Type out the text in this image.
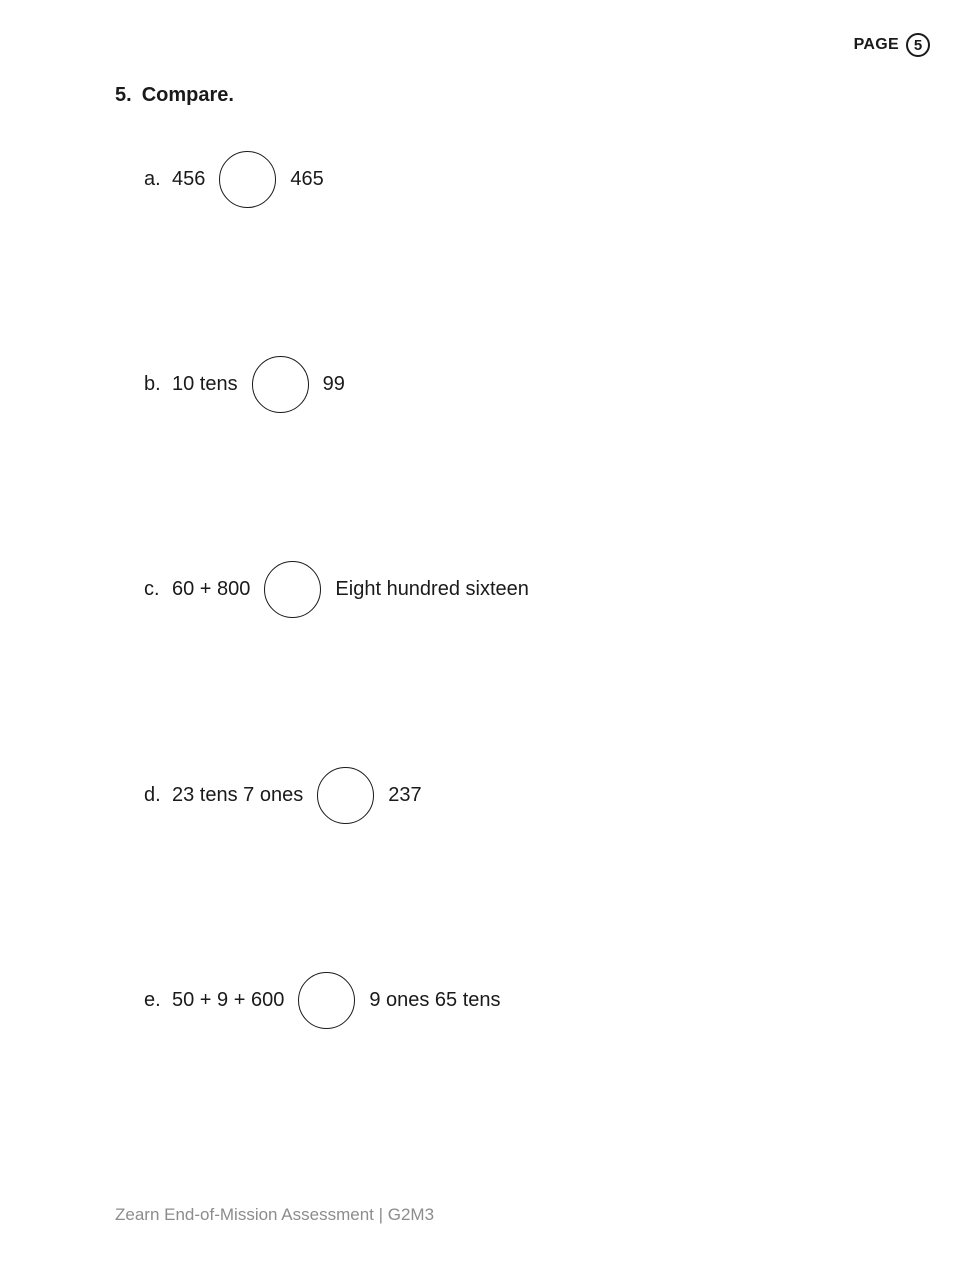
PAGE 5
5. Compare.
a. 456	465
b. 10 tens	99
c. 60 + 800	Eight hundred sixteen
d. 23 tens 7 ones	237
e. 50 + 9 + 600	9 ones 65 tens
Zearn End-of-Mission Assessment | G2M3
